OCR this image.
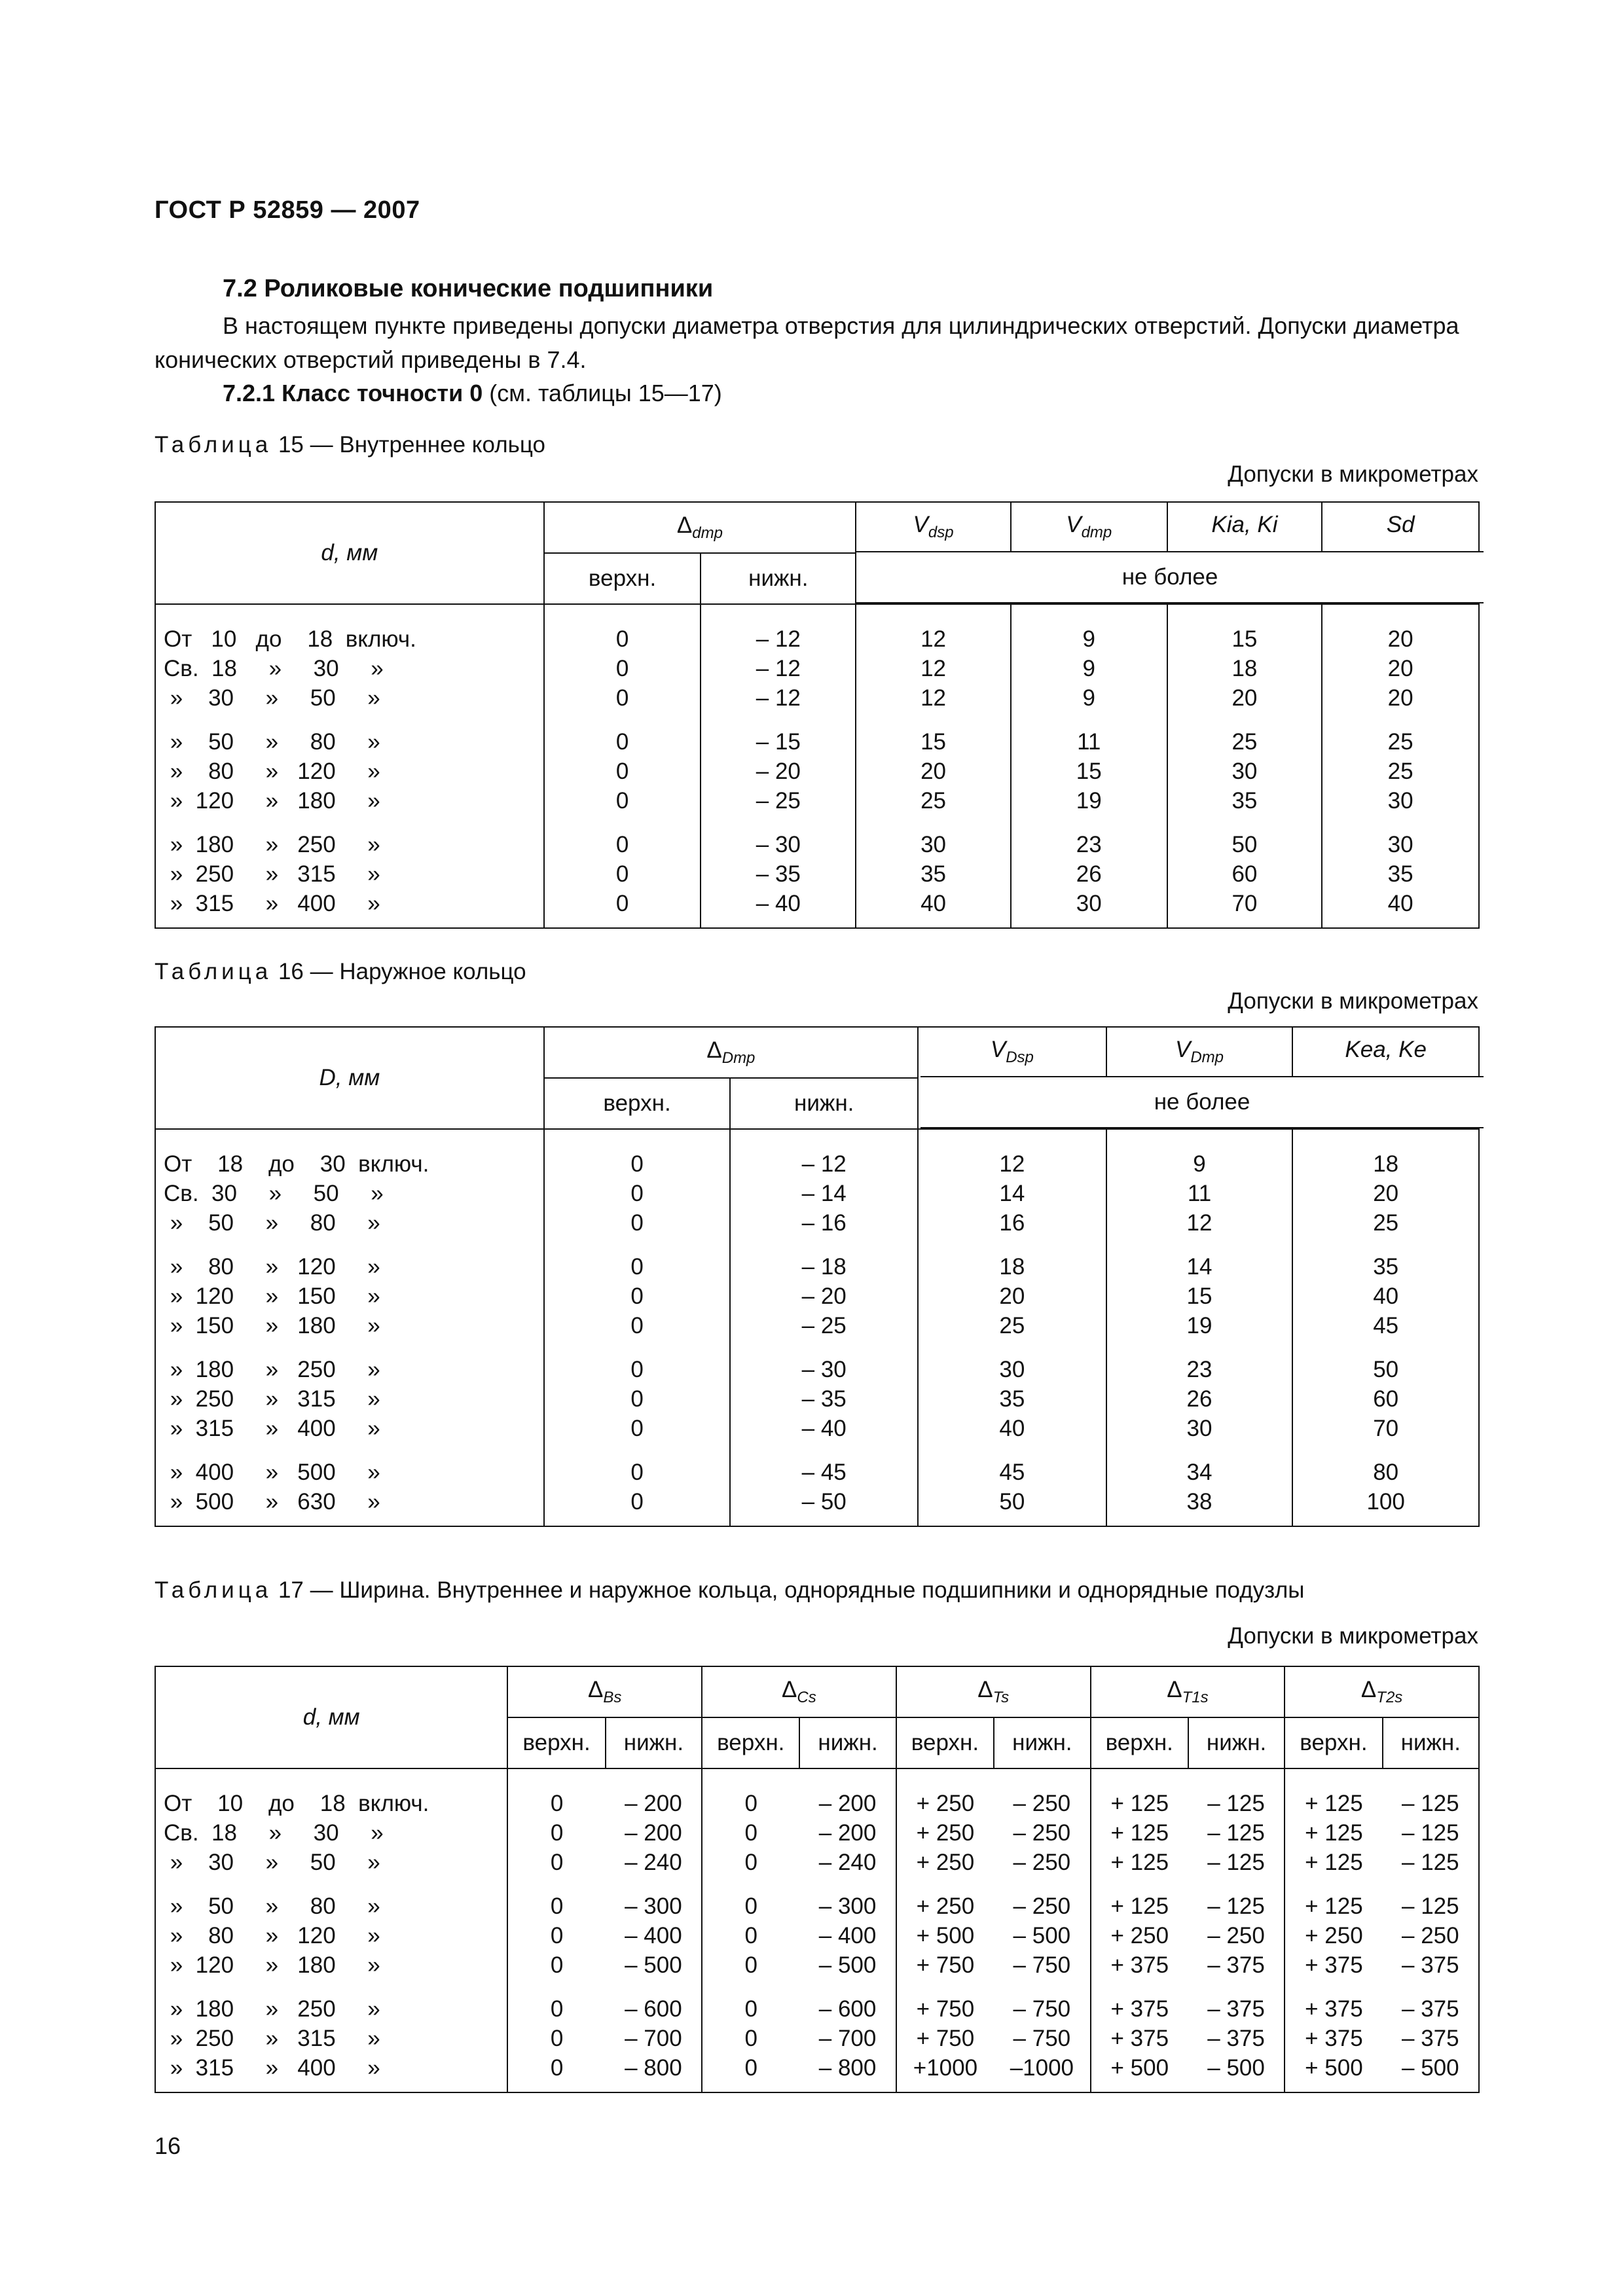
ГОСТ Р 52859 — 2007
7.2 Роликовые конические подшипники
В настоящем пункте приведены допуски диаметра отверстия для цилиндрических отверстий. Допуски диаметра конических отверстий приведены в 7.4.
7.2.1 Класс точности 0 (см. таблицы 15—17)
Таблица 15 — Внутреннее кольцо
Допуски в микрометрах
d, мм	$\Delta_{dmp}$		$V_{dsp}$	$V_{dmp}$	Kia, Ki	Sd
	верхн.	нижн.				
От   10   до    18  включ.	0	– 12	12	9	15	20
Св.  18     »     30     »	0	– 12	12	9	18	20
»    30     »     50     »	0	– 12	12	9	20	20
»    50     »     80     »	0	– 15	15	11	25	25
»    80     »   120     »	0	– 20	20	15	30	25
»  120     »   180     »	0	– 25	25	19	35	30
»  180     »   250     »	0	– 30	30	23	50	30
»  250     »   315     »	0	– 35	35	26	60	35
»  315     »   400     »	0	– 40	40	30	70	40
не более
Таблица 16 — Наружное кольцо
Допуски в микрометрах
D, мм	$\Delta_{Dmp}$		$V_{Dsp}$	$V_{Dmp}$	Kea, Ke
	верхн.	нижн.			
От    18    до    30  включ.	0	– 12	12	9	18
Св.  30     »     50     »	0	– 14	14	11	20
»    50     »     80     »	0	– 16	16	12	25
»    80     »   120     »	0	– 18	18	14	35
»  120     »   150     »	0	– 20	20	15	40
»  150     »   180     »	0	– 25	25	19	45
»  180     »   250     »	0	– 30	30	23	50
»  250     »   315     »	0	– 35	35	26	60
»  315     »   400     »	0	– 40	40	30	70
»  400     »   500     »	0	– 45	45	34	80
»  500     »   630     »	0	– 50	50	38	100
не более
Таблица 17 — Ширина. Внутреннее и наружное кольца, однорядные подшипники и однорядные подузлы
Допуски в микрометрах
d, мм	$\Delta_{Bs}$		$\Delta_{Cs}$		$\Delta_{Ts}$		$\Delta_{T1s}$		$\Delta_{T2s}$
	верхн.	нижн.	верхн.	нижн.	верхн.	нижн.	верхн.	нижн.	верхн.	нижн.
От    10    до    18  включ.	0	– 200	0	– 200	+ 250	– 250	+ 125	– 125	+ 125	– 125
Св.  18     »     30     »	0	– 200	0	– 200	+ 250	– 250	+ 125	– 125	+ 125	– 125
»    30     »     50     »	0	– 240	0	– 240	+ 250	– 250	+ 125	– 125	+ 125	– 125
»    50     »     80     »	0	– 300	0	– 300	+ 250	– 250	+ 125	– 125	+ 125	– 125
»    80     »   120     »	0	– 400	0	– 400	+ 500	– 500	+ 250	– 250	+ 250	– 250
»  120     »   180     »	0	– 500	0	– 500	+ 750	– 750	+ 375	– 375	+ 375	– 375
»  180     »   250     »	0	– 600	0	– 600	+ 750	– 750	+ 375	– 375	+ 375	– 375
»  250     »   315     »	0	– 700	0	– 700	+ 750	– 750	+ 375	– 375	+ 375	– 375
»  315     »   400     »	0	– 800	0	– 800	+1000	–1000	+ 500	– 500	+ 500	– 500
16
